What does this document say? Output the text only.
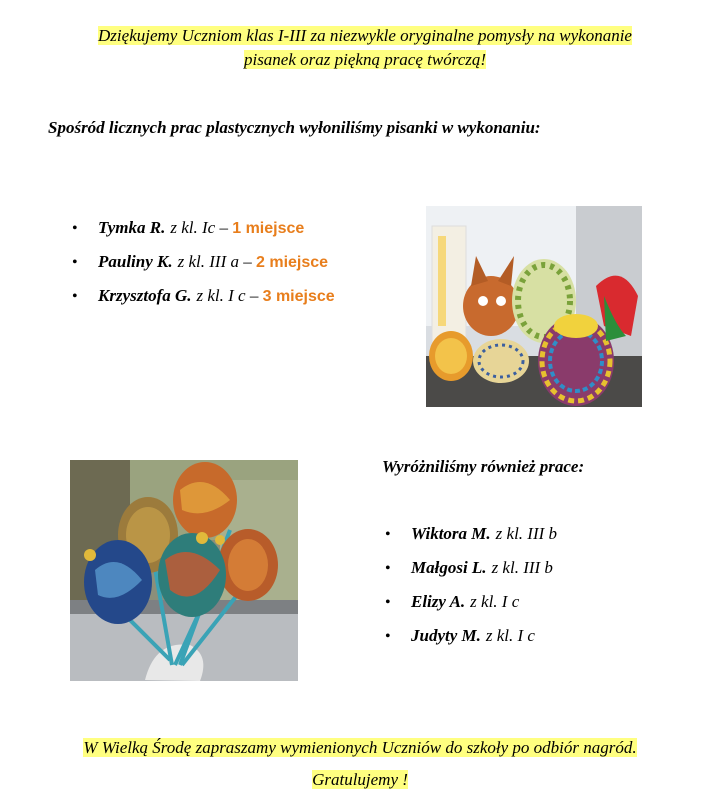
Dziękujemy Uczniom klas I-III za niezwykle oryginalne pomysły na wykonanie
pisanek oraz piękną pracę twórczą!
Spośród licznych prac plastycznych wyłoniliśmy pisanki w wykonaniu:
•	Tymka R. z kl. Ic –
1 miejsce
•	Pauliny K. z kl. III a –
2 miejsce
•	Krzysztofa G. z kl. I c –
3 miejsce
Wyróżniliśmy również prace:
•	Wiktora M. z kl. III b
•	Małgosi L. z kl. III b
•	Elizy A. z kl. I c
•	Judyty M. z kl. I c
W Wielką Środę zapraszamy wymienionych Uczniów do szkoły po odbiór nagród.
Gratulujemy !
